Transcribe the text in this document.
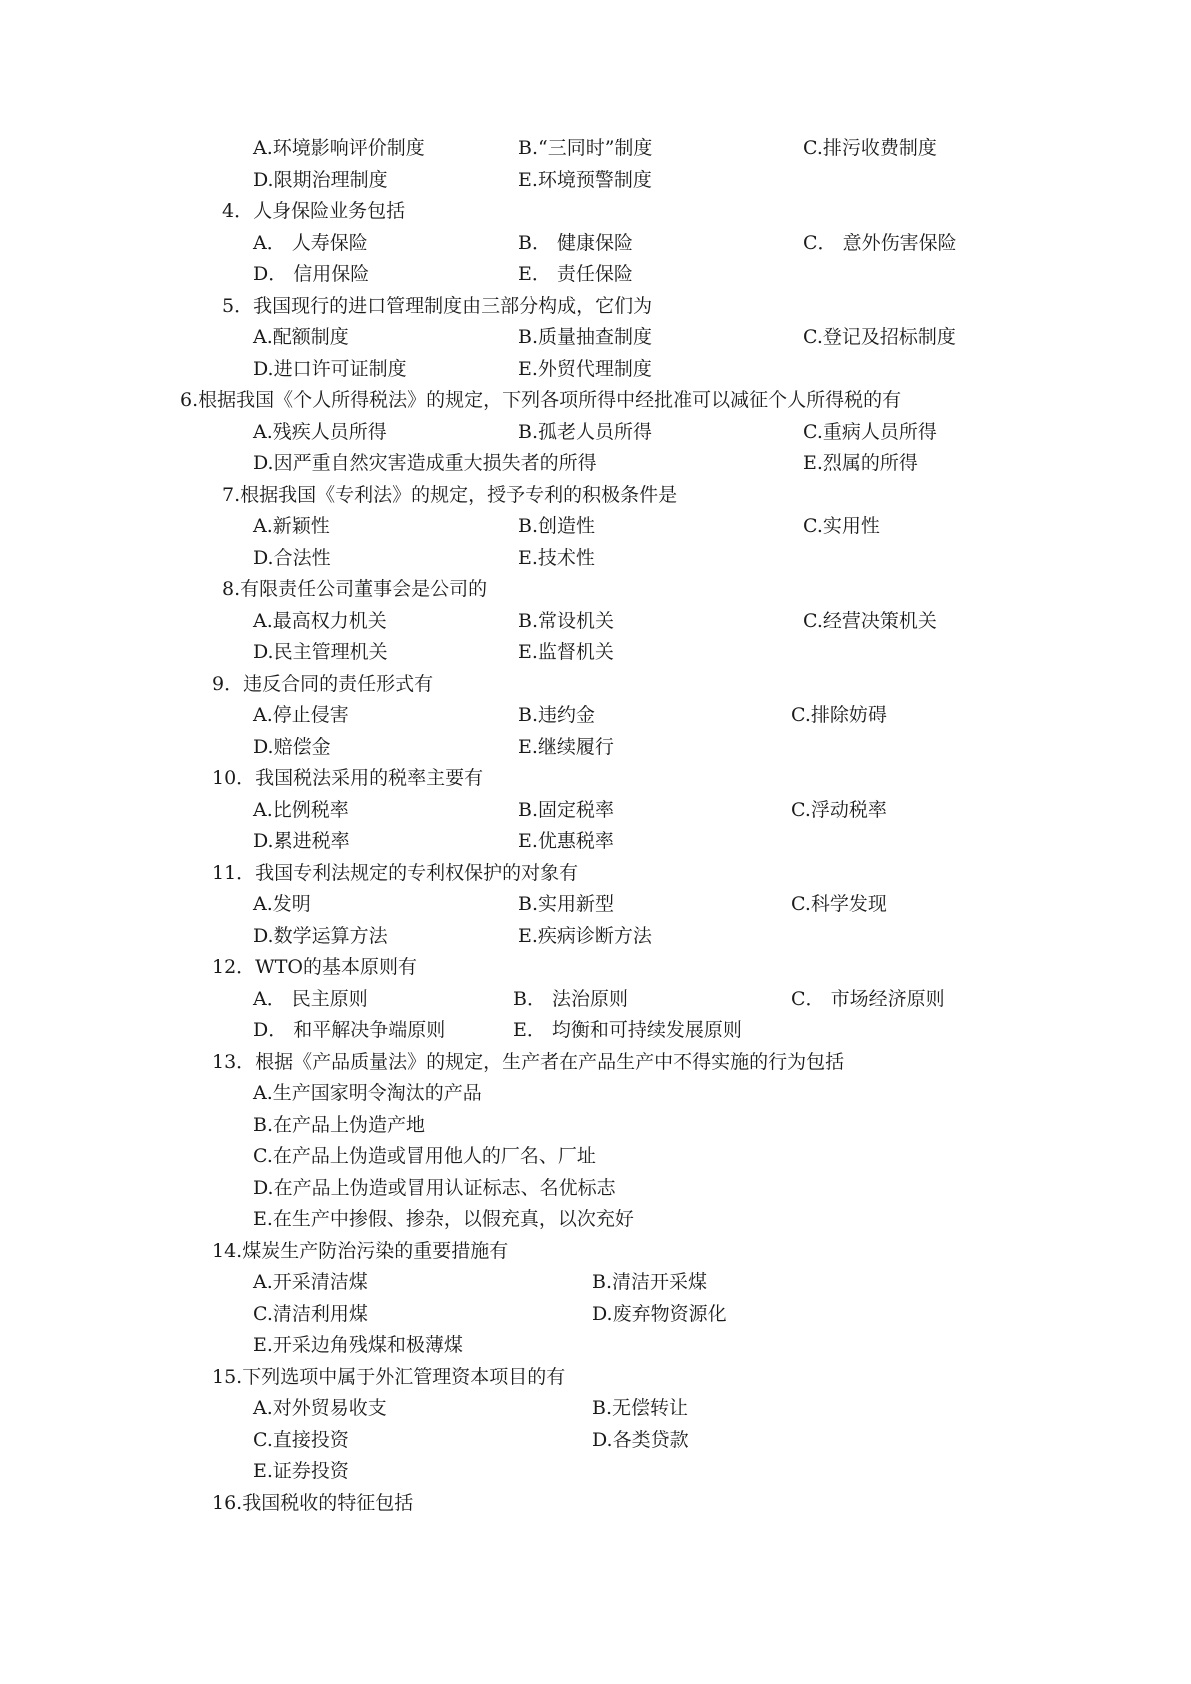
A.环境影响评价制度	B.“三同时”制度	C.排污收费制度
D.限期治理制度	E.环境预警制度
4．人身保险业务包括
A． 人寿保险	B． 健康保险	C． 意外伤害保险
D． 信用保险	E． 责任保险
5．我国现行的进口管理制度由三部分构成，它们为
A.配额制度	B.质量抽查制度	C.登记及招标制度
D.进口许可证制度	E.外贸代理制度
6.根据我国《个人所得税法》的规定，下列各项所得中经批准可以减征个人所得税的有
A.残疾人员所得	B.孤老人员所得	C.重病人员所得
D.因严重自然灾害造成重大损失者的所得	E.烈属的所得
7.根据我国《专利法》的规定，授予专利的积极条件是
A.新颖性	B.创造性	C.实用性
D.合法性	E.技术性
8.有限责任公司董事会是公司的
A.最高权力机关	B.常设机关	C.经营决策机关
D.民主管理机关	E.监督机关
9．违反合同的责任形式有
A.停止侵害	B.违约金	C.排除妨碍
D.赔偿金	E.继续履行
10．我国税法采用的税率主要有
A.比例税率	B.固定税率	C.浮动税率
D.累进税率	E.优惠税率
11．我国专利法规定的专利权保护的对象有
A.发明	B.实用新型	C.科学发现
D.数学运算方法	E.疾病诊断方法
12．WTO的基本原则有
A． 民主原则	B． 法治原则	C． 市场经济原则
D． 和平解决争端原则	E． 均衡和可持续发展原则
13．根据《产品质量法》的规定，生产者在产品生产中不得实施的行为包括
A.生产国家明令淘汰的产品
B.在产品上伪造产地
C.在产品上伪造或冒用他人的厂名、厂址
D.在产品上伪造或冒用认证标志、名优标志
E.在生产中掺假、掺杂，以假充真，以次充好
14.煤炭生产防治污染的重要措施有
A.开采清洁煤	B.清洁开采煤
C.清洁利用煤	D.废弃物资源化
E.开采边角残煤和极薄煤
15.下列选项中属于外汇管理资本项目的有
A.对外贸易收支	B.无偿转让
C.直接投资	D.各类贷款
E.证券投资
16.我国税收的特征包括
